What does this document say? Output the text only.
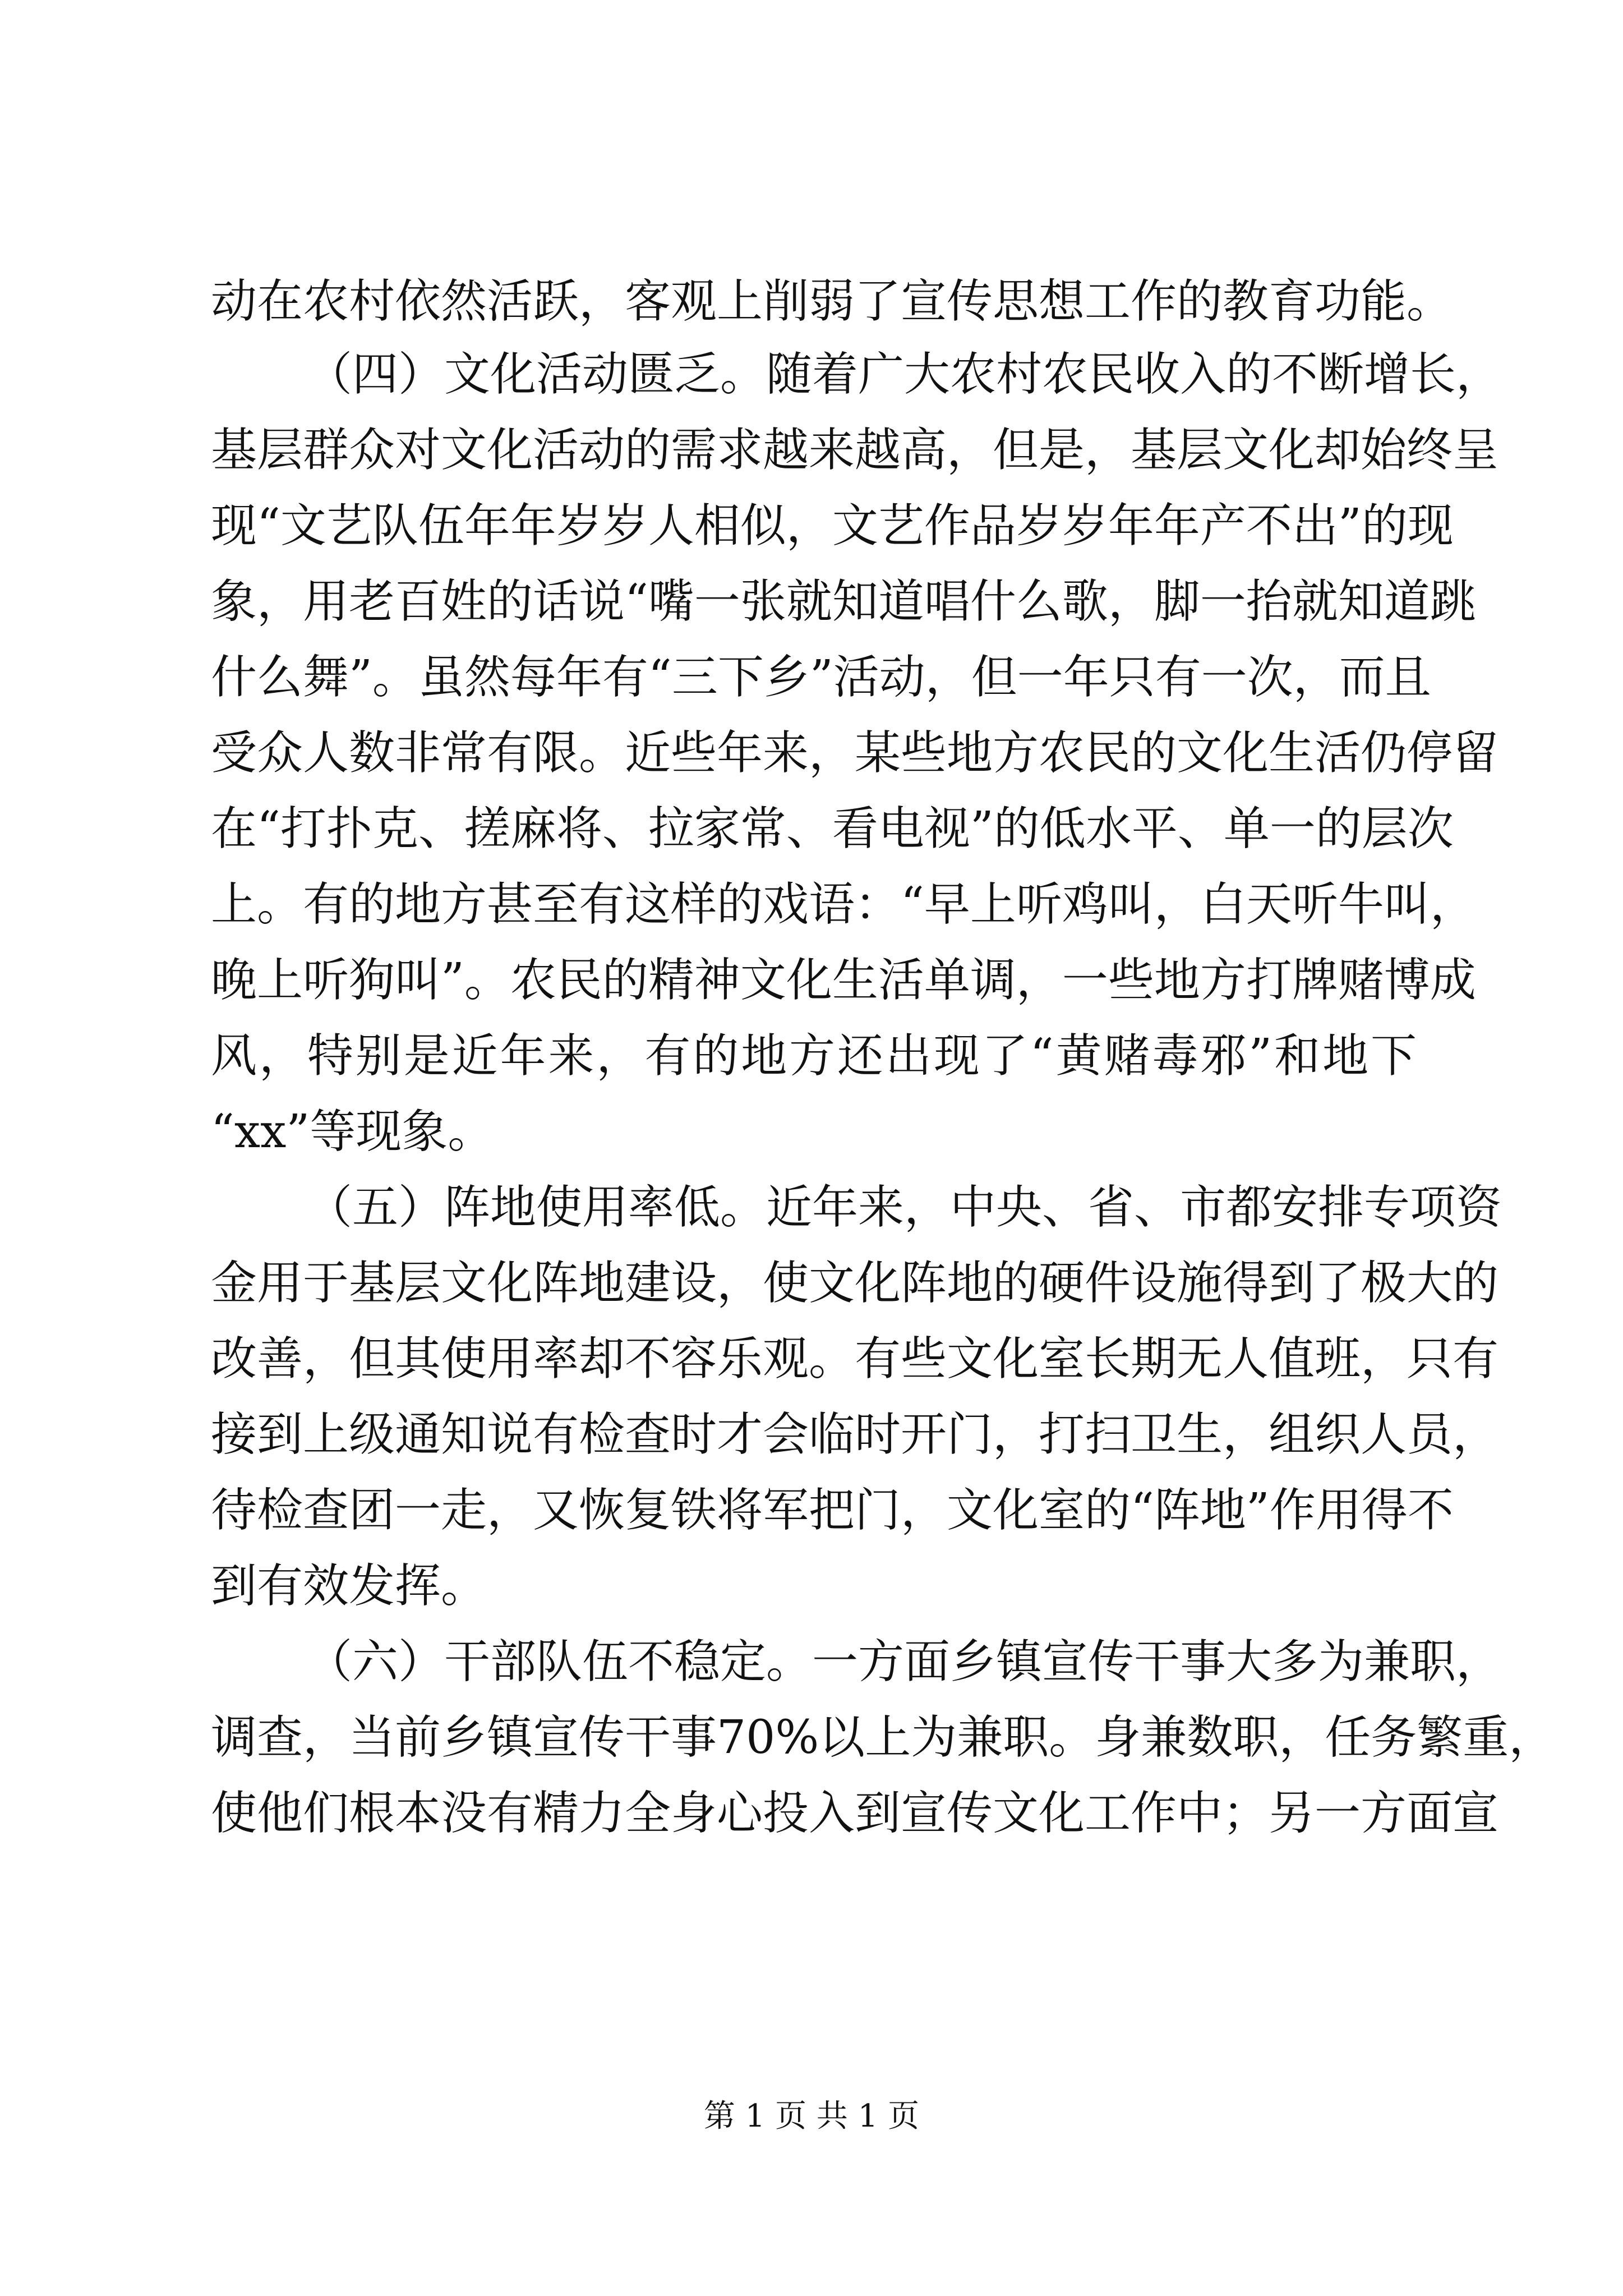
动在农村依然活跃，客观上削弱了宣传思想工作的教育功能。
（四）文化活动匮乏。随着广大农村农民收入的不断增长，
基层群众对文化活动的需求越来越高，但是，基层文化却始终呈
现“文艺队伍年年岁岁人相似，文艺作品岁岁年年产不出”的现
象，用老百姓的话说“嘴一张就知道唱什么歌，脚一抬就知道跳
什么舞”。虽然每年有“三下乡”活动，但一年只有一次，而且
受众人数非常有限。近些年来，某些地方农民的文化生活仍停留
在“打扑克、搓麻将、拉家常、看电视”的低水平、单一的层次
上。有的地方甚至有这样的戏语：“早上听鸡叫，白天听牛叫，
晚上听狗叫”。农民的精神文化生活单调，一些地方打牌赌博成
风，特别是近年来，有的地方还出现了“黄赌毒邪”和地下
“xx”等现象。
（五）阵地使用率低。近年来，中央、省、市都安排专项资
金用于基层文化阵地建设，使文化阵地的硬件设施得到了极大的
改善，但其使用率却不容乐观。有些文化室长期无人值班，只有
接到上级通知说有检查时才会临时开门，打扫卫生，组织人员，
待检查团一走，又恢复铁将军把门，文化室的“阵地”作用得不
到有效发挥。
（六）干部队伍不稳定。一方面乡镇宣传干事大多为兼职，
调查，当前乡镇宣传干事70%以上为兼职。身兼数职，任务繁重，
使他们根本没有精力全身心投入到宣传文化工作中；另一方面宣
第 1 页 共 1 页
